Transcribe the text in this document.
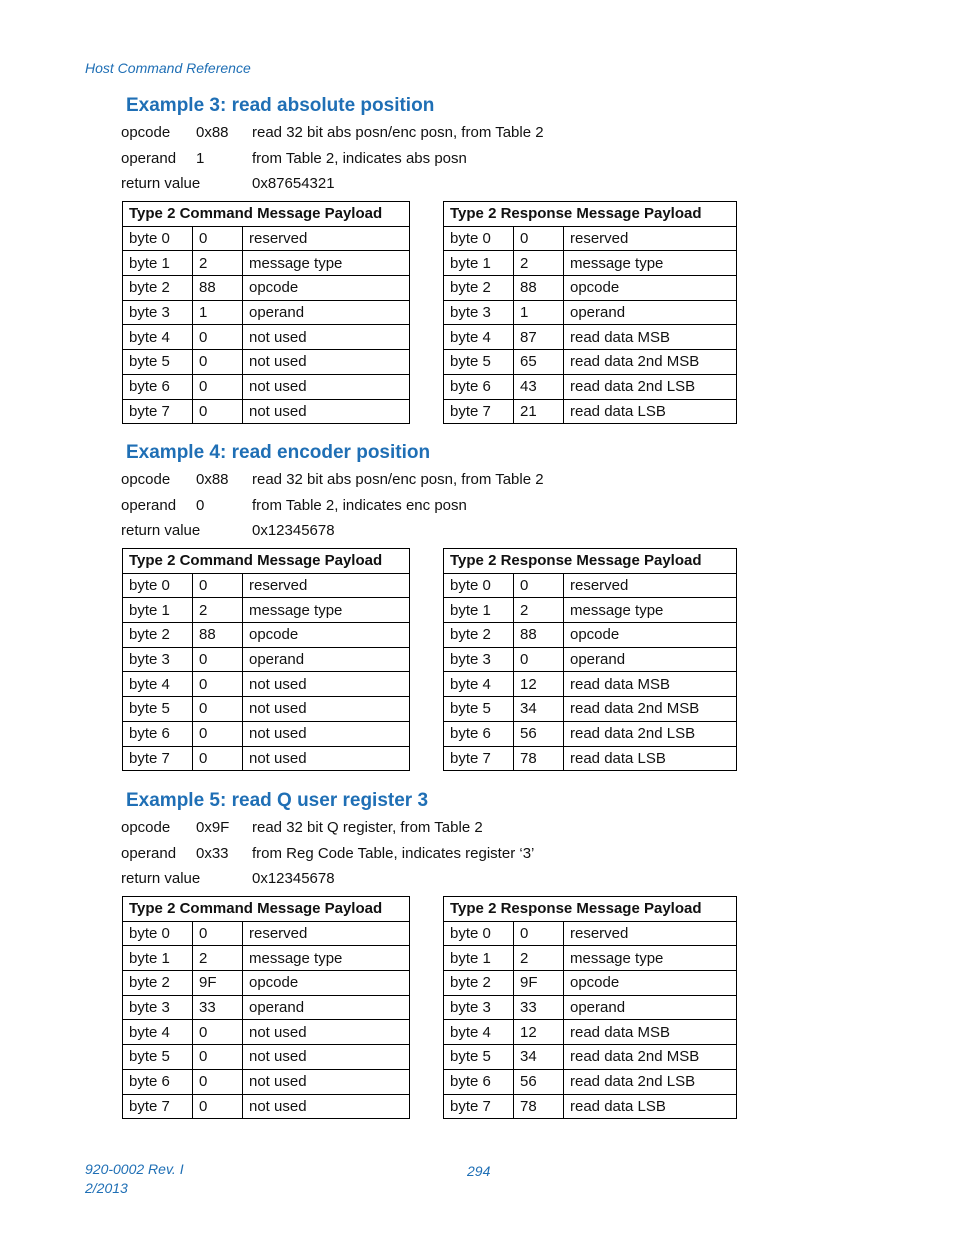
Host Command Reference
Example 3: read absolute position
opcode 0x88 read 32 bit abs posn/enc posn, from Table 2
operand 1	from Table 2, indicates abs posn
return value	0x87654321
Type 2 Command Message Payload		
byte 0	0	reserved
byte 1	2	message type
byte 2	88	opcode
byte 3	1	operand
byte 4	0	not used
byte 5	0	not used
byte 6	0	not used
byte 7	0	not used
Type 2 Response Message Payload		
byte 0	0	reserved
byte 1	2	message type
byte 2	88	opcode
byte 3	1	operand
byte 4	87	read data MSB
byte 5	65	read data 2nd MSB
byte 6	43	read data 2nd LSB
byte 7	21	read data LSB
Example 4: read encoder position
opcode 0x88 read 32 bit abs posn/enc posn, from Table 2
operand 0	from Table 2, indicates enc posn
return value	0x12345678
Type 2 Command Message Payload		
byte 0	0	reserved
byte 1	2	message type
byte 2	88	opcode
byte 3	0	operand
byte 4	0	not used
byte 5	0	not used
byte 6	0	not used
byte 7	0	not used
Type 2 Response Message Payload		
byte 0	0	reserved
byte 1	2	message type
byte 2	88	opcode
byte 3	0	operand
byte 4	12	read data MSB
byte 5	34	read data 2nd MSB
byte 6	56	read data 2nd LSB
byte 7	78	read data LSB
Example 5: read Q user register 3
opcode 0x9F read 32 bit Q register, from Table 2
operand 0x33 from Reg Code Table, indicates register ‘3’
return value	0x12345678
Type 2 Command Message Payload		
byte 0	0	reserved
byte 1	2	message type
byte 2	9F	opcode
byte 3	33	operand
byte 4	0	not used
byte 5	0	not used
byte 6	0	not used
byte 7	0	not used
Type 2 Response Message Payload		
byte 0	0	reserved
byte 1	2	message type
byte 2	9F	opcode
byte 3	33	operand
byte 4	12	read data MSB
byte 5	34	read data 2nd MSB
byte 6	56	read data 2nd LSB
byte 7	78	read data LSB
920-0002 Rev. I
2/2013
294
